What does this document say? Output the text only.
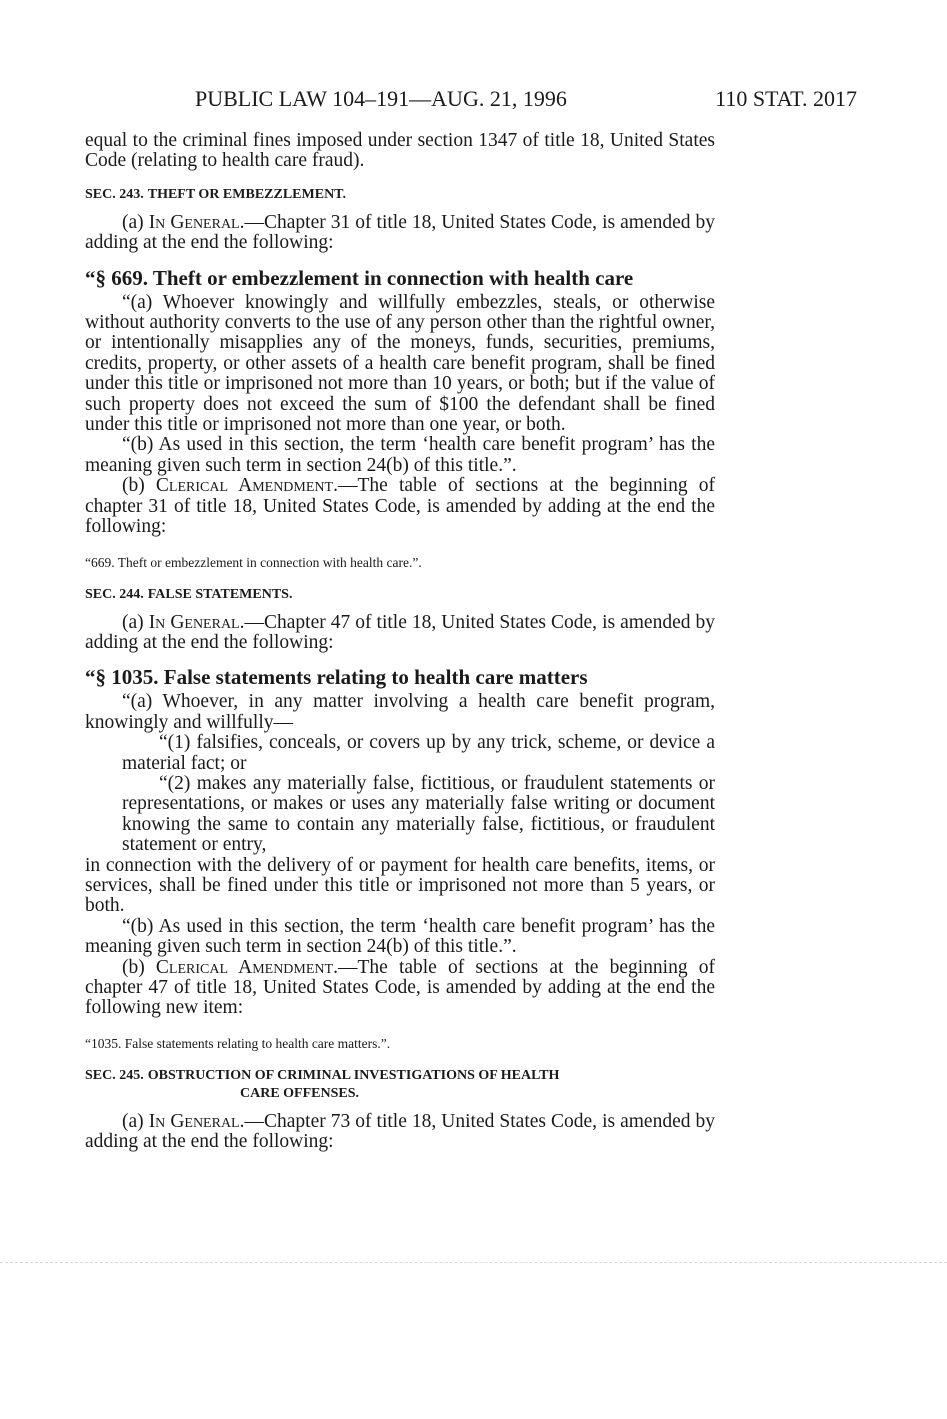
PUBLIC LAW 104–191—AUG. 21, 1996	110 STAT. 2017

equal to the criminal fines imposed under section 1347 of title 18, United States Code (relating to health care fraud).

SEC. 243. THEFT OR EMBEZZLEMENT.

(a) In General.—Chapter 31 of title 18, United States Code, is amended by adding at the end the following:

“§ 669. Theft or embezzlement in connection with health care

“(a) Whoever knowingly and willfully embezzles, steals, or otherwise without authority converts to the use of any person other than the rightful owner, or intentionally misapplies any of the moneys, funds, securities, premiums, credits, property, or other assets of a health care benefit program, shall be fined under this title or imprisoned not more than 10 years, or both; but if the value of such property does not exceed the sum of $100 the defendant shall be fined under this title or imprisoned not more than one year, or both.

“(b) As used in this section, the term ‘health care benefit program’ has the meaning given such term in section 24(b) of this title.”.

(b) Clerical Amendment.—The table of sections at the beginning of chapter 31 of title 18, United States Code, is amended by adding at the end the following:

“669. Theft or embezzlement in connection with health care.”.
SEC. 244. FALSE STATEMENTS.

(a) In General.—Chapter 47 of title 18, United States Code, is amended by adding at the end the following:

“§ 1035. False statements relating to health care matters

“(a) Whoever, in any matter involving a health care benefit program, knowingly and willfully—

“(1) falsifies, conceals, or covers up by any trick, scheme, or device a material fact; or

“(2) makes any materially false, fictitious, or fraudulent statements or representations, or makes or uses any materially false writing or document knowing the same to contain any materially false, fictitious, or fraudulent statement or entry,

in connection with the delivery of or payment for health care benefits, items, or services, shall be fined under this title or imprisoned not more than 5 years, or both.

“(b) As used in this section, the term ‘health care benefit program’ has the meaning given such term in section 24(b) of this title.”.

(b) Clerical Amendment.—The table of sections at the beginning of chapter 47 of title 18, United States Code, is amended by adding at the end the following new item:

“1035. False statements relating to health care matters.”.
SEC. 245. OBSTRUCTION OF CRIMINAL INVESTIGATIONS OF HEALTH CARE OFFENSES.

(a) In General.—Chapter 73 of title 18, United States Code, is amended by adding at the end the following:
